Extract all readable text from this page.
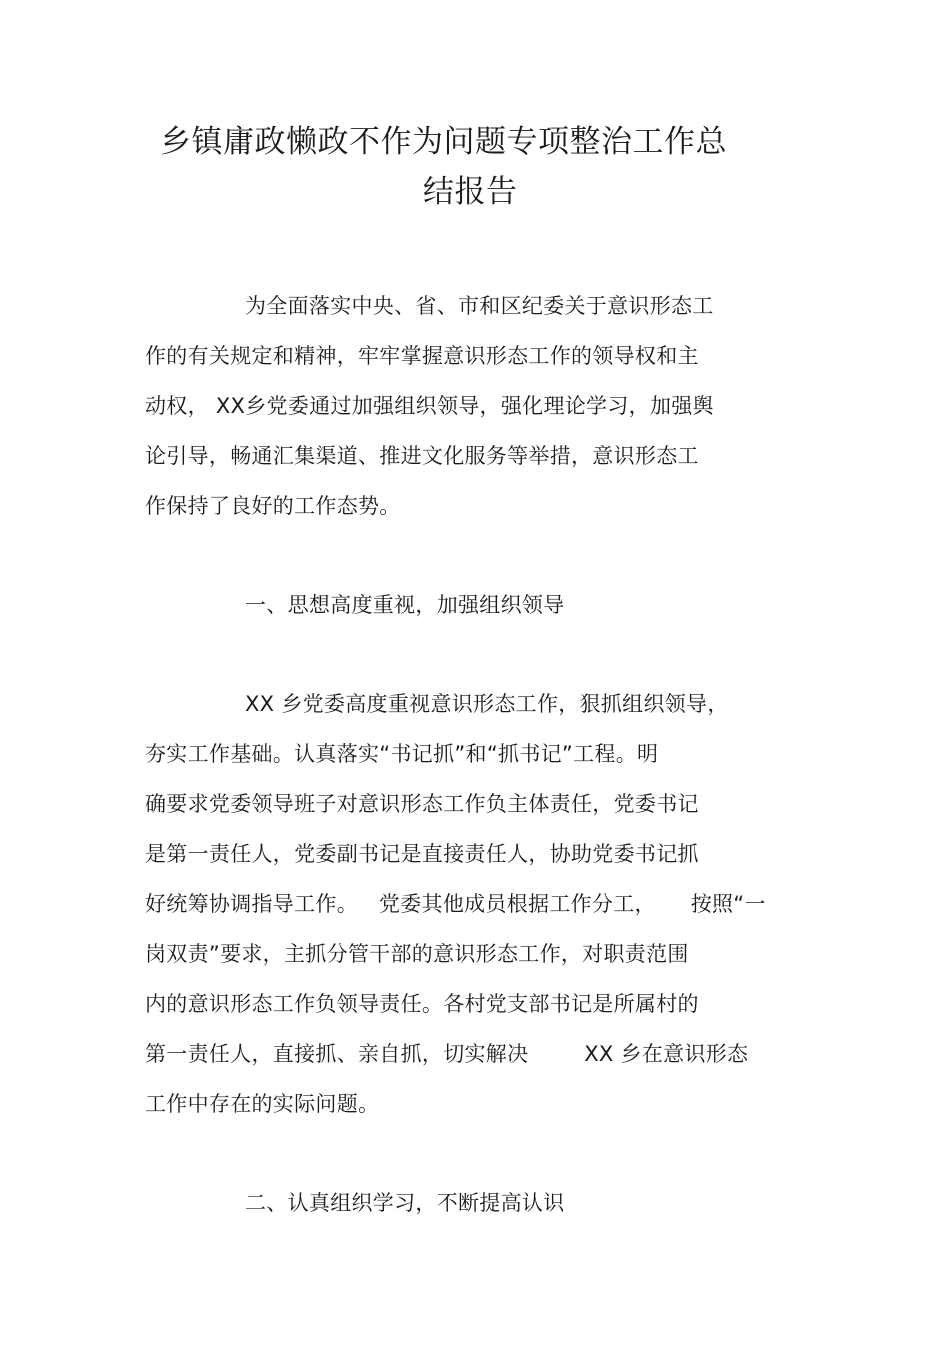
乡镇庸政懒政不作为问题专项整治工作总
结报告
为全面落实中央、省、市和区纪委关于意识形态工
作的有关规定和精神，牢牢掌握意识形态工作的领导权和主
动权， XX乡党委通过加强组织领导，强化理论学习，加强舆
论引导，畅通汇集渠道、推进文化服务等举措，意识形态工
作保持了良好的工作态势。
一、思想高度重视，加强组织领导
XX 乡党委高度重视意识形态工作，狠抓组织领导，
夯实工作基础。认真落实“书记抓”和“抓书记”工程。明
确要求党委领导班子对意识形态工作负主体责任，党委书记
是第一责任人，党委副书记是直接责任人，协助党委书记抓
好统筹协调指导工作。   党委其他成员根据工作分工，     按照“一
岗双责”要求，主抓分管干部的意识形态工作，对职责范围
内的意识形态工作负领导责任。各村党支部书记是所属村的
第一责任人，直接抓、亲自抓，切实解决        XX 乡在意识形态
工作中存在的实际问题。
二、认真组织学习，不断提高认识
